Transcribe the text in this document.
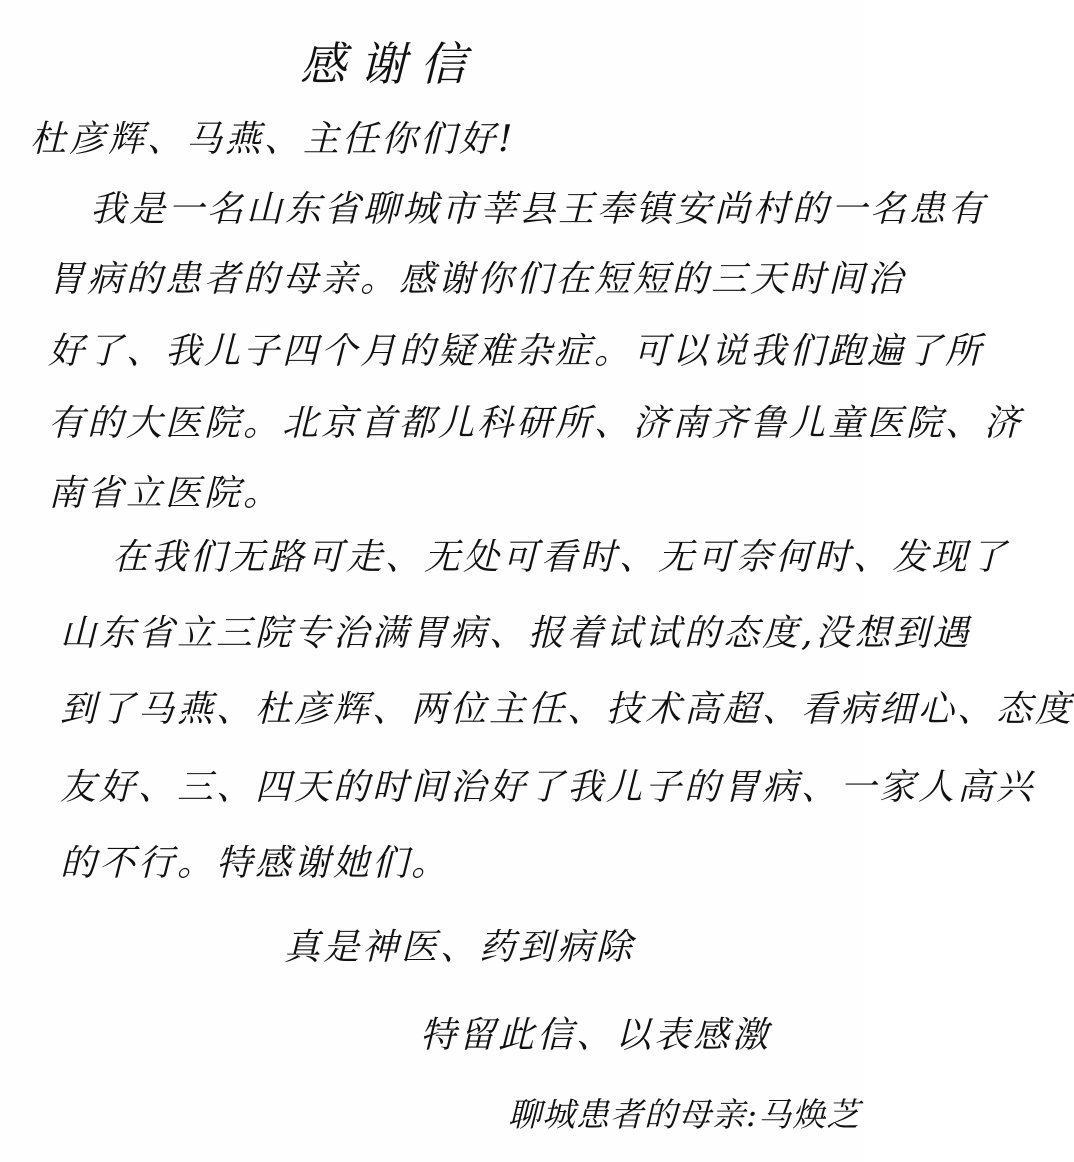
感谢信
杜彦辉、马燕、主任你们好!
我是一名山东省聊城市莘县王奉镇安尚村的一名患有
胃病的患者的母亲。感谢你们在短短的三天时间治
好了、我儿子四个月的疑难杂症。可以说我们跑遍了所
有的大医院。北京首都儿科研所、济南齐鲁儿童医院、济
南省立医院。
在我们无路可走、无处可看时、无可奈何时、发现了
山东省立三院专治满胃病、报着试试的态度,没想到遇
到了马燕、杜彦辉、两位主任、技术高超、看病细心、态度
友好、三、四天的时间治好了我儿子的胃病、一家人高兴
的不行。特感谢她们。
真是神医、药到病除
特留此信、以表感激
聊城患者的母亲:马焕芝
